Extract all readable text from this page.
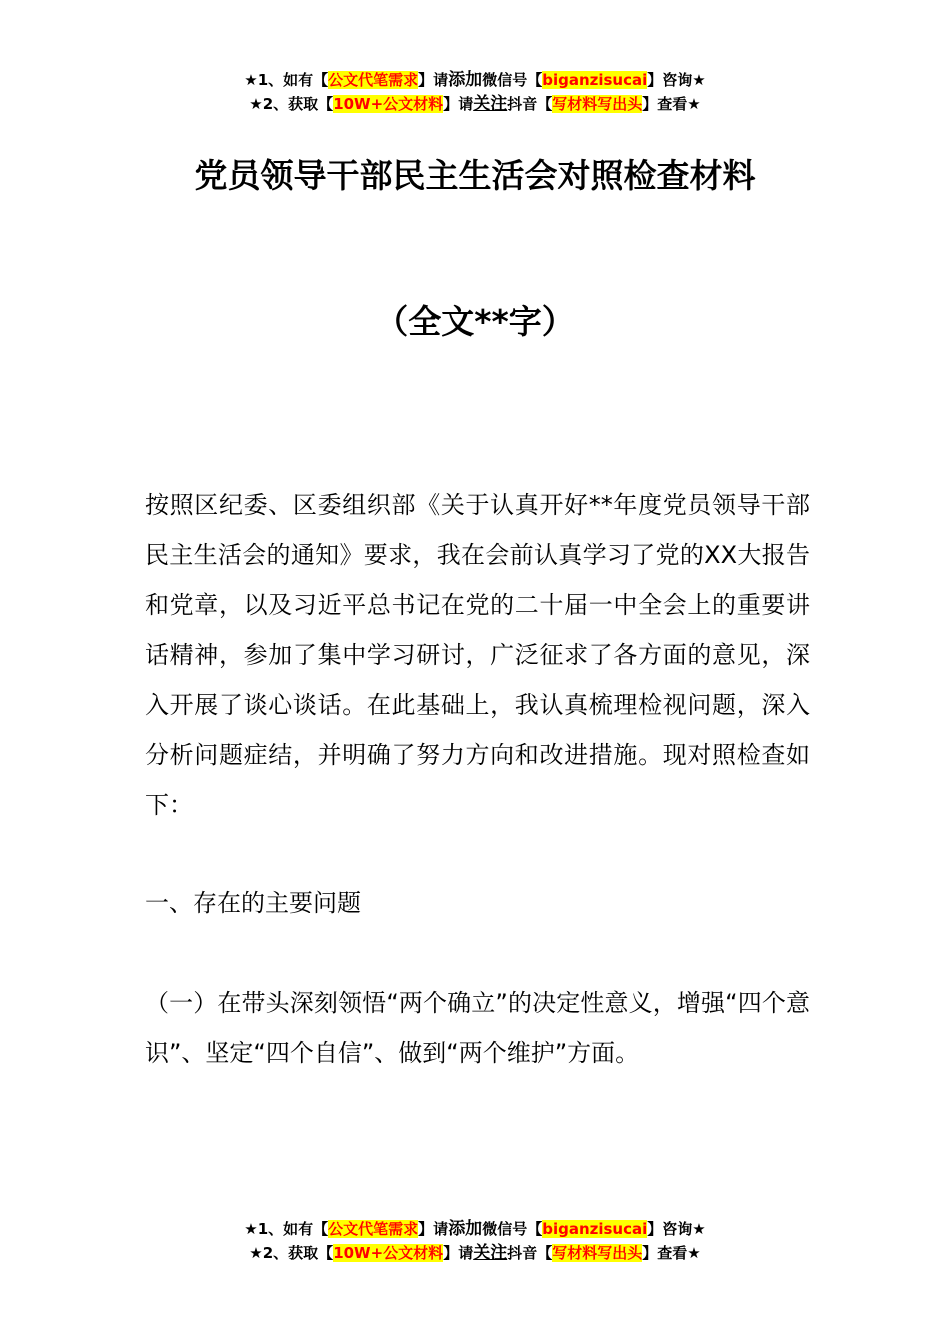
★1、如有【公文代笔需求】请添加微信号【biganzisucai】咨询★
★2、获取【10W+公文材料】请关注抖音【写材料写出头】查看★
党员领导干部民主生活会对照检查材料
（全文**字）
按照区纪委、区委组织部《关于认真开好**年度党员领导干部民主生活会的通知》要求，我在会前认真学习了党的XX大报告和党章，以及习近平总书记在党的二十届一中全会上的重要讲话精神，参加了集中学习研讨，广泛征求了各方面的意见，深入开展了谈心谈话。在此基础上，我认真梳理检视问题，深入分析问题症结，并明确了努力方向和改进措施。现对照检查如下：
一、存在的主要问题
（一）在带头深刻领悟“两个确立”的决定性意义，增强“四个意识”、坚定“四个自信”、做到“两个维护”方面。
★1、如有【公文代笔需求】请添加微信号【biganzisucai】咨询★
★2、获取【10W+公文材料】请关注抖音【写材料写出头】查看★
